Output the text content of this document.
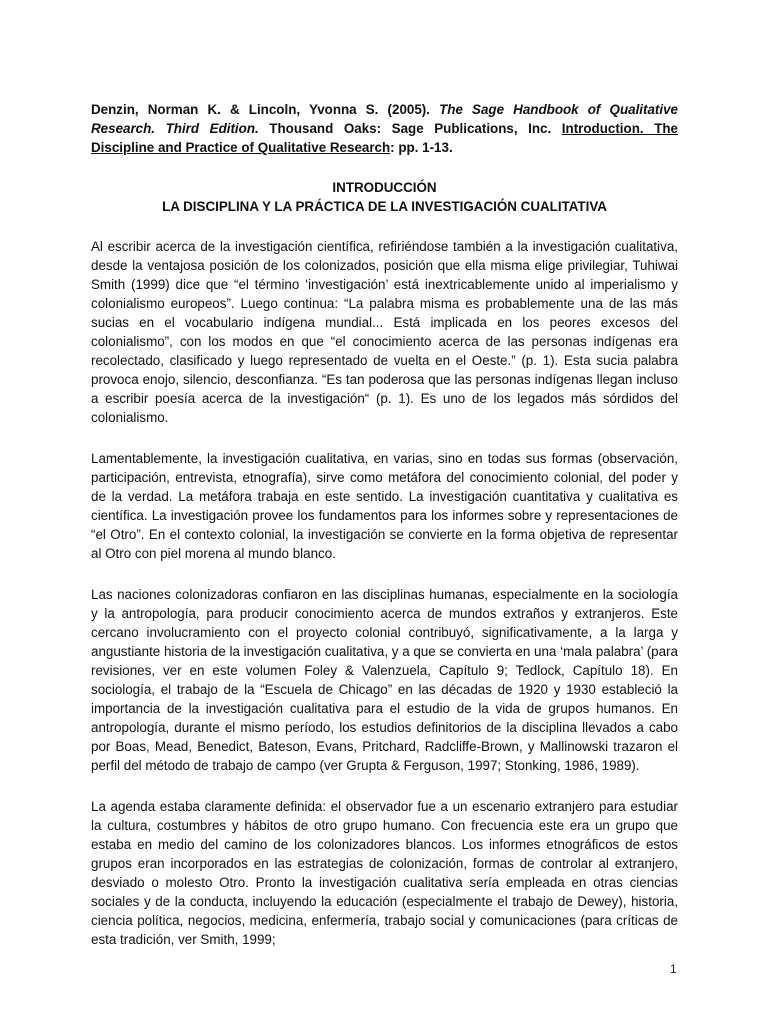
Denzin, Norman K. & Lincoln, Yvonna S. (2005). The Sage Handbook of Qualitative Research. Third Edition. Thousand Oaks: Sage Publications, Inc. Introduction. The Discipline and Practice of Qualitative Research: pp. 1-13.

INTRODUCCIÓN
LA DISCIPLINA Y LA PRÁCTICA DE LA INVESTIGACIÓN CUALITATIVA

Al escribir acerca de la investigación científica, refiriéndose también a la investigación cualitativa, desde la ventajosa posición de los colonizados, posición que ella misma elige privilegiar, Tuhiwai Smith (1999) dice que “el término ‘investigación’ está inextricablemente unido al imperialismo y colonialismo europeos”. Luego continua: “La palabra misma es probablemente una de las más sucias en el vocabulario indígena mundial... Está implicada en los peores excesos del colonialismo”, con los modos en que “el conocimiento acerca de las personas indígenas era recolectado, clasificado y luego representado de vuelta en el Oeste.” (p. 1). Esta sucia palabra provoca enojo, silencio, desconfianza. “Es tan poderosa que las personas indígenas llegan incluso a escribir poesía acerca de la investigación“ (p. 1). Es uno de los legados más sórdidos del colonialismo.

Lamentablemente, la investigación cualitativa, en varias, sino en todas sus formas (observación, participación, entrevista, etnografía), sirve como metáfora del conocimiento colonial, del poder y de la verdad. La metáfora trabaja en este sentido. La investigación cuantitativa y cualitativa es científica. La investigación provee los fundamentos para los informes sobre y representaciones de “el Otro”. En el contexto colonial, la investigación se convierte en la forma objetiva de representar al Otro con piel morena al mundo blanco.

Las naciones colonizadoras confiaron en las disciplinas humanas, especialmente en la sociología y la antropología, para producir conocimiento acerca de mundos extraños y extranjeros. Este cercano involucramiento con el proyecto colonial contribuyó, significativamente, a la larga y angustiante historia de la investigación cualitativa, y a que se convierta en una ‘mala palabra’ (para revisiones, ver en este volumen Foley & Valenzuela, Capítulo 9; Tedlock, Capítulo 18). En sociología, el trabajo de la “Escuela de Chicago” en las décadas de 1920 y 1930 estableció la importancia de la investigación cualitativa para el estudio de la vida de grupos humanos. En antropología, durante el mismo período, los estudios definitorios de la disciplina llevados a cabo por Boas, Mead, Benedict, Bateson, Evans, Pritchard, Radcliffe-Brown, y Mallinowski trazaron el perfil del método de trabajo de campo (ver Grupta & Ferguson, 1997; Stonking, 1986, 1989).

La agenda estaba claramente definida: el observador fue a un escenario extranjero para estudiar la cultura, costumbres y hábitos de otro grupo humano. Con frecuencia este era un grupo que estaba en medio del camino de los colonizadores blancos. Los informes etnográficos de estos grupos eran incorporados en las estrategias de colonización, formas de controlar al extranjero, desviado o molesto Otro. Pronto la investigación cualitativa sería empleada en otras ciencias sociales y de la conducta, incluyendo la educación (especialmente el trabajo de Dewey), historia, ciencia política, negocios, medicina, enfermería, trabajo social y comunicaciones (para críticas de esta tradición, ver Smith, 1999;

1
